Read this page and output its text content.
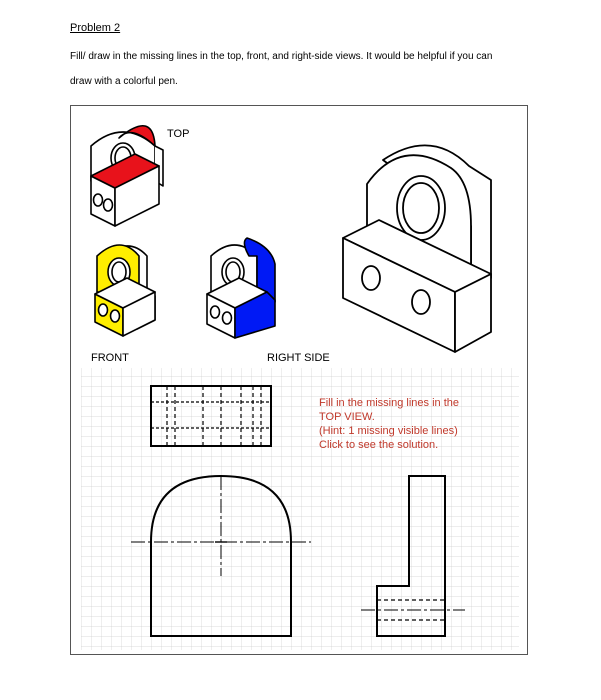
Problem 2
Fill/ draw in the missing lines in the top, front, and right-side views. It would be helpful if you can
draw with a colorful pen.
TOP
FRONT	RIGHT SIDE
Fill in the missing lines in the
TOP VIEW.
(Hint: 1 missing visible lines)
Click to see the solution.
